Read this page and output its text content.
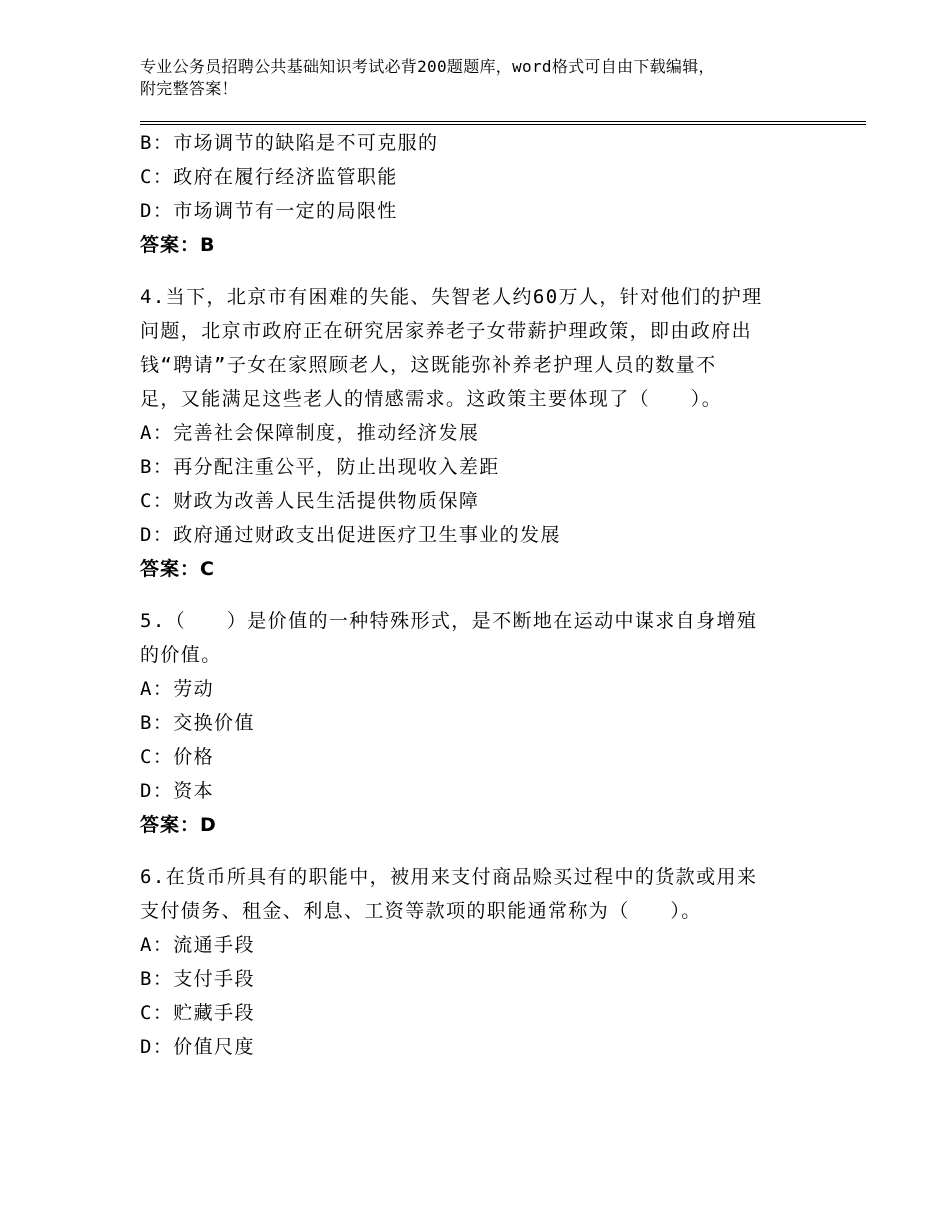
专业公务员招聘公共基础知识考试必背200题题库，word格式可自由下载编辑，
附完整答案！
B：市场调节的缺陷是不可克服的
C：政府在履行经济监管职能
D：市场调节有一定的局限性
答案：B
4.当下，北京市有困难的失能、失智老人约60万人，针对他们的护理
问题，北京市政府正在研究居家养老子女带薪护理政策，即由政府出
钱“聘请”子女在家照顾老人，这既能弥补养老护理人员的数量不
足，又能满足这些老人的情感需求。这政策主要体现了（　　）。
A：完善社会保障制度，推动经济发展
B：再分配注重公平，防止出现收入差距
C：财政为改善人民生活提供物质保障
D：政府通过财政支出促进医疗卫生事业的发展
答案：C
5.（　　）是价值的一种特殊形式，是不断地在运动中谋求自身增殖
的价值。
A：劳动
B：交换价值
C：价格
D：资本
答案：D
6.在货币所具有的职能中，被用来支付商品赊买过程中的货款或用来
支付债务、租金、利息、工资等款项的职能通常称为（　　）。
A：流通手段
B：支付手段
C：贮藏手段
D：价值尺度
